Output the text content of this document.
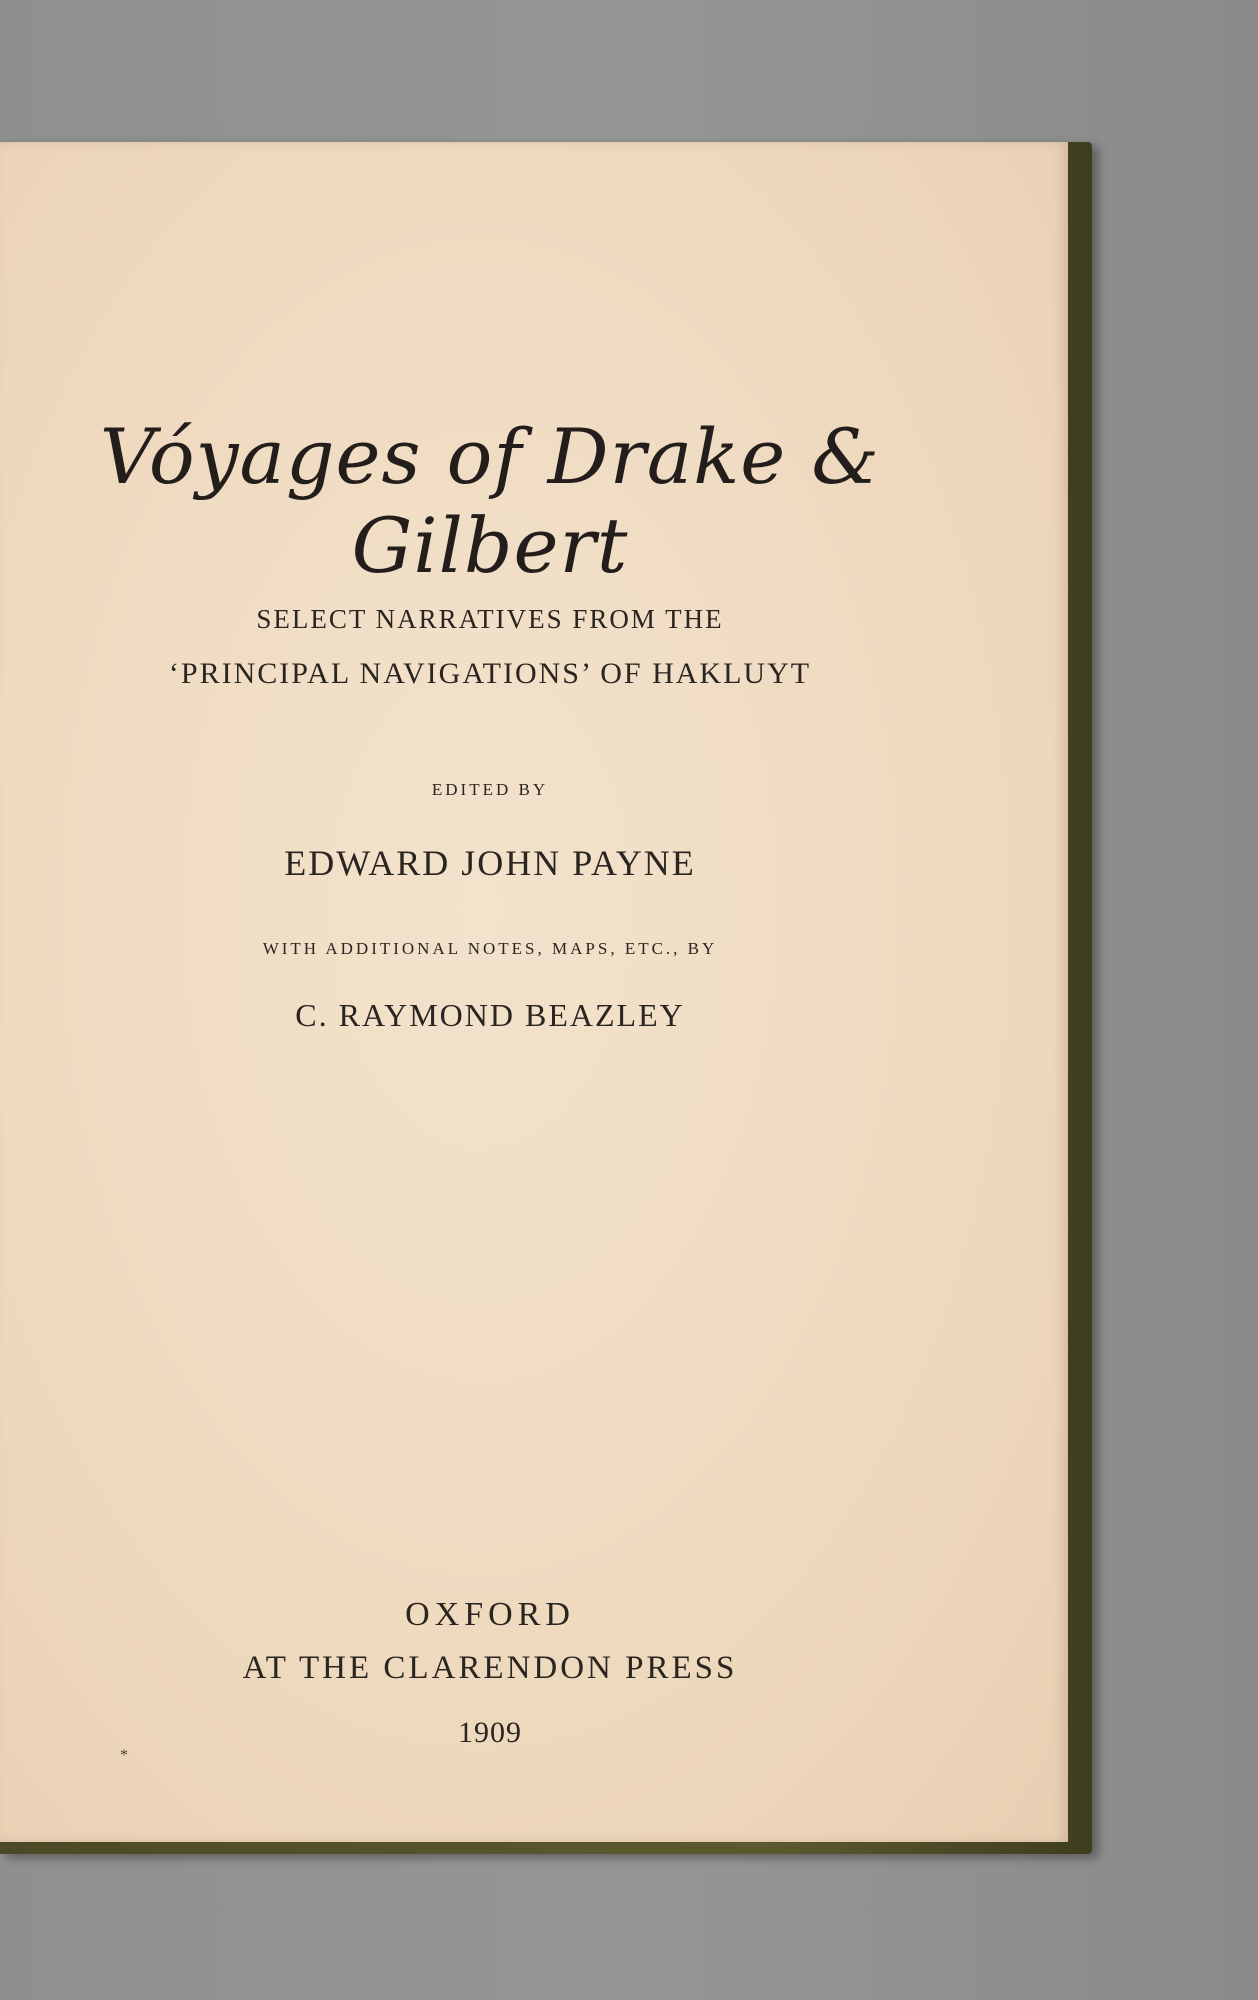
Vóyages of Drake & Gilbert
SELECT NARRATIVES FROM THE
‘PRINCIPAL NAVIGATIONS’ OF HAKLUYT
EDITED BY
EDWARD JOHN PAYNE
WITH ADDITIONAL NOTES, MAPS, ETC., BY
C. RAYMOND BEAZLEY
OXFORD
AT THE CLARENDON PRESS
1909
*
